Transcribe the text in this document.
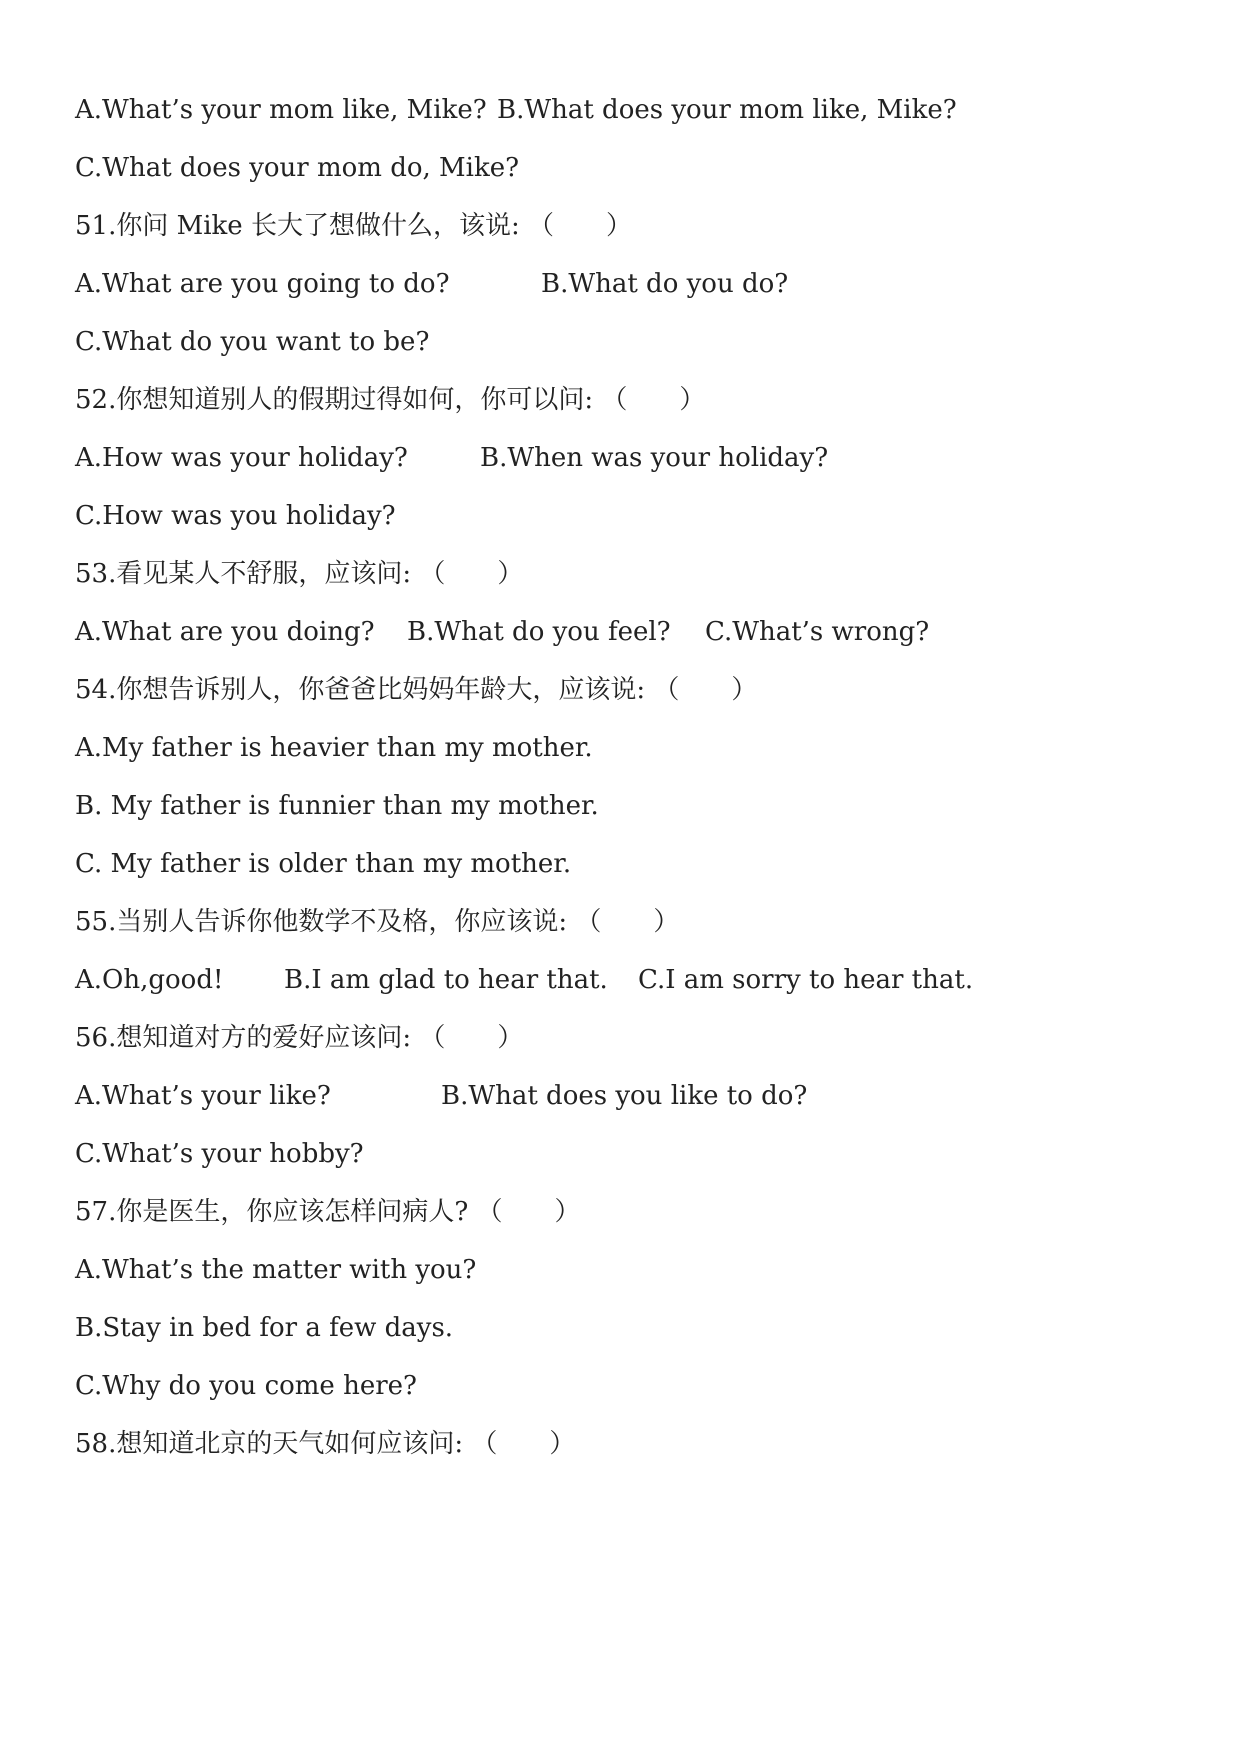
A.What’s your mom like, Mike? B.What does your mom like, Mike?
C.What does your mom do, Mike?
51.你问 Mike 长大了想做什么，该说: （　　）
A.What are you going to do?	B.What do you do?
C.What do you want to be?
52.你想知道别人的假期过得如何，你可以问: （　　）
A.How was your holiday?	B.When was your holiday?
C.How was you holiday?
53.看见某人不舒服，应该问: （　　）
A.What are you doing? B.What do you feel? C.What’s wrong?
54.你想告诉别人，你爸爸比妈妈年龄大，应该说: （　　）
A.My father is heavier than my mother.
B. My father is funnier than my mother.
C. My father is older than my mother.
55.当别人告诉你他数学不及格，你应该说: （　　）
A.Oh,good! B.I am glad to hear that. C.I am sorry to hear that.
56.想知道对方的爱好应该问: （　　）
A.What’s your like?	B.What does you like to do?
C.What’s your hobby?
57.你是医生，你应该怎样问病人? （　　）
A.What’s the matter with you?
B.Stay in bed for a few days.
C.Why do you come here?
58.想知道北京的天气如何应该问: （　　）
